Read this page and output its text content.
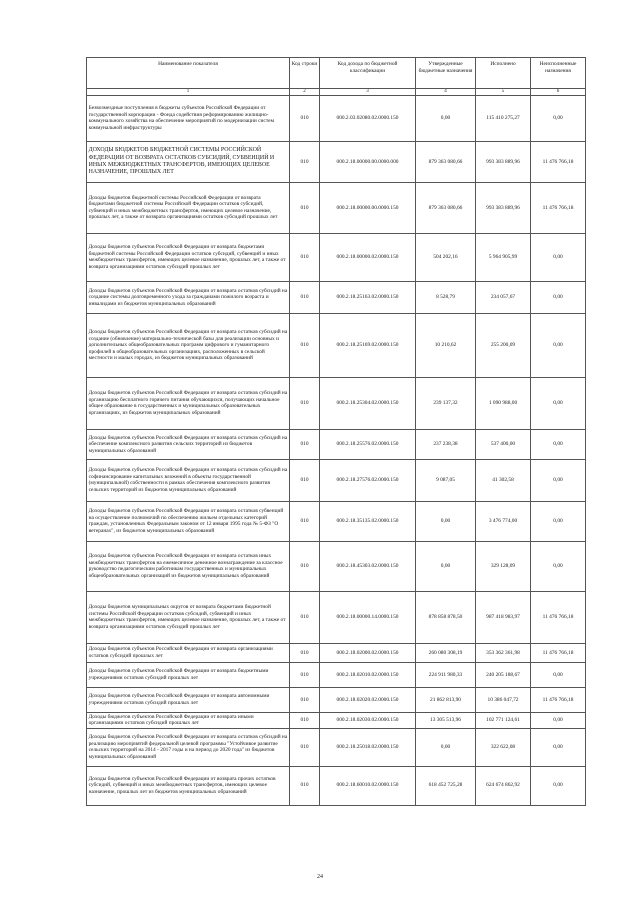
Наименование показателя	Код строки	Код дохода по бюджетной классификации	Утвержденные бюджетные назначения	Исполнено	Неисполненные назначения
1	2	3	4	5	6
Безвозмездные поступления в бюджеты субъектов Российской Федерации от государственной корпорации - Фонда содействия реформированию жилищно-коммунального хозяйства на обеспечение мероприятий по модернизации систем коммунальной инфраструктуры	010	000.2.03.02080.02.0000.150	0,00	115 410 275,27	0,00
ДОХОДЫ БЮДЖЕТОВ БЮДЖЕТНОЙ СИСТЕМЫ РОССИЙСКОЙ ФЕДЕРАЦИИ ОТ ВОЗВРАТА ОСТАТКОВ СУБСИДИЙ, СУБВЕНЦИЙ И ИНЫХ МЕЖБЮДЖЕТНЫХ ТРАНСФЕРТОВ, ИМЕЮЩИХ ЦЕЛЕВОЕ НАЗНАЧЕНИЕ, ПРОШЛЫХ ЛЕТ	010	000.2.18.00000.00.0000.000	879 363 080,66	993 383 889,96	11 476 766,18
Доходы бюджетов бюджетной системы Российской Федерации от возврата бюджетами бюджетной системы Российской Федерации остатков субсидий, субвенций и иных межбюджетных трансфертов, имеющих целевое назначение, прошлых лет, а также от возврата организациями остатков субсидий прошлых лет	010	000.2.18.00000.00.0000.150	879 363 080,66	993 383 889,96	11 476 766,18
Доходы бюджетов субъектов Российской Федерации от возврата бюджетами бюджетной системы Российской Федерации остатков субсидий, субвенций и иных межбюджетных трансфертов, имеющих целевое назначение, прошлых лет, а также от возврата организациями остатков субсидий прошлых лет	010	000.2.18.00000.02.0000.150	504 202,16	5 964 905,99	0,00
Доходы бюджетов субъектов Российской Федерации от возврата остатков субсидий на создание системы долговременного ухода за гражданами пожилого возраста и инвалидами из бюджетов муниципальных образований	010	000.2.18.25163.02.0000.150	8 528,79	234 057,67	0,00
Доходы бюджетов субъектов Российской Федерации от возврата остатков субсидий на создание (обновление) материально-технической базы для реализации основных и дополнительных общеобразовательных программ цифрового и гуманитарного профилей в общеобразовательных организациях, расположенных в сельской местности и малых городах, из бюджетов муниципальных образований	010	000.2.18.25169.02.0000.150	10 210,62	255 200,09	0,00
Доходы бюджетов субъектов Российской Федерации от возврата остатков субсидий на организацию бесплатного горячего питания обучающихся, получающих начальное общее образование в государственных и муниципальных образовательных организациях, из бюджетов муниципальных образований	010	000.2.18.25304.02.0000.150	239 137,32	1 090 988,00	0,00
Доходы бюджетов субъектов Российской Федерации от возврата остатков субсидий на обеспечение комплексного развития сельских территорий из бюджетов муниципальных образований	010	000.2.18.25576.02.0000.150	237 238,38	537 400,00	0,00
Доходы бюджетов субъектов Российской Федерации от возврата остатков субсидий на софинансирование капитальных вложений в объекты государственной (муниципальной) собственности в рамках обеспечения комплексного развития сельских территорий из бюджетов муниципальных образований	010	000.2.18.27576.02.0000.150	9 087,05	41 302,58	0,00
Доходы бюджетов субъектов Российской Федерации от возврата остатков субвенций на осуществление полномочий по обеспечению жильем отдельных категорий граждан, установленных Федеральным законом от 12 января 1995 года № 5-ФЗ "О ветеранах", из бюджетов муниципальных образований	010	000.2.18.35135.02.0000.150	0,00	3 476 774,00	0,00
Доходы бюджетов субъектов Российской Федерации от возврата остатков иных межбюджетных трансфертов на ежемесячное денежное вознаграждение за классное руководство педагогическим работникам государственных и муниципальных общеобразовательных организаций из бюджетов муниципальных образований	010	000.2.18.45303.02.0000.150	0,00	329 128,09	0,00
Доходы бюджетов муниципальных округов от возврата бюджетами бюджетной системы Российской Федерации остатков субсидий, субвенций и иных межбюджетных трансфертов, имеющих целевое назначение, прошлых лет, а также от возврата организациями остатков субсидий прошлых лет	010	000.2.18.00000.14.0000.150	878 858 878,50	987 418 983,97	11 476 766,18
Доходы бюджетов субъектов Российской Федерации от возврата организациями остатков субсидий прошлых лет	010	000.2.18.02000.02.0000.150	260 080 308,19	353 362 361,98	11 476 766,18
Доходы бюджетов субъектов Российской Федерации от возврата бюджетными учреждениями остатков субсидий прошлых лет	010	000.2.18.02010.02.0000.150	224 911 980,33	240 205 188,67	0,00
Доходы бюджетов субъектов Российской Федерации от возврата автономными учреждениями остатков субсидий прошлых лет	010	000.2.18.02020.02.0000.150	21 862 813,90	10 386 047,72	11 476 766,18
Доходы бюджетов субъектов Российской Федерации от возврата иными организациями остатков субсидий прошлых лет	010	000.2.18.02030.02.0000.150	13 305 513,96	102 771 124,61	0,00
Доходы бюджетов субъектов Российской Федерации от возврата остатков субсидий на реализацию мероприятий федеральной целевой программы "Устойчивое развитие сельских территорий на 2014 - 2017 годы и на период до 2020 года" из бюджетов муниципальных образований	010	000.2.18.25018.02.0000.150	0,00	322 622,08	0,00
Доходы бюджетов субъектов Российской Федерации от возврата прочих остатков субсидий, субвенций и иных межбюджетных трансфертов, имеющих целевое назначение, прошлых лет из бюджетов муниципальных образований	010	000.2.18.60010.02.0000.150	618 452 725,28	624 674 862,92	0,00
24
